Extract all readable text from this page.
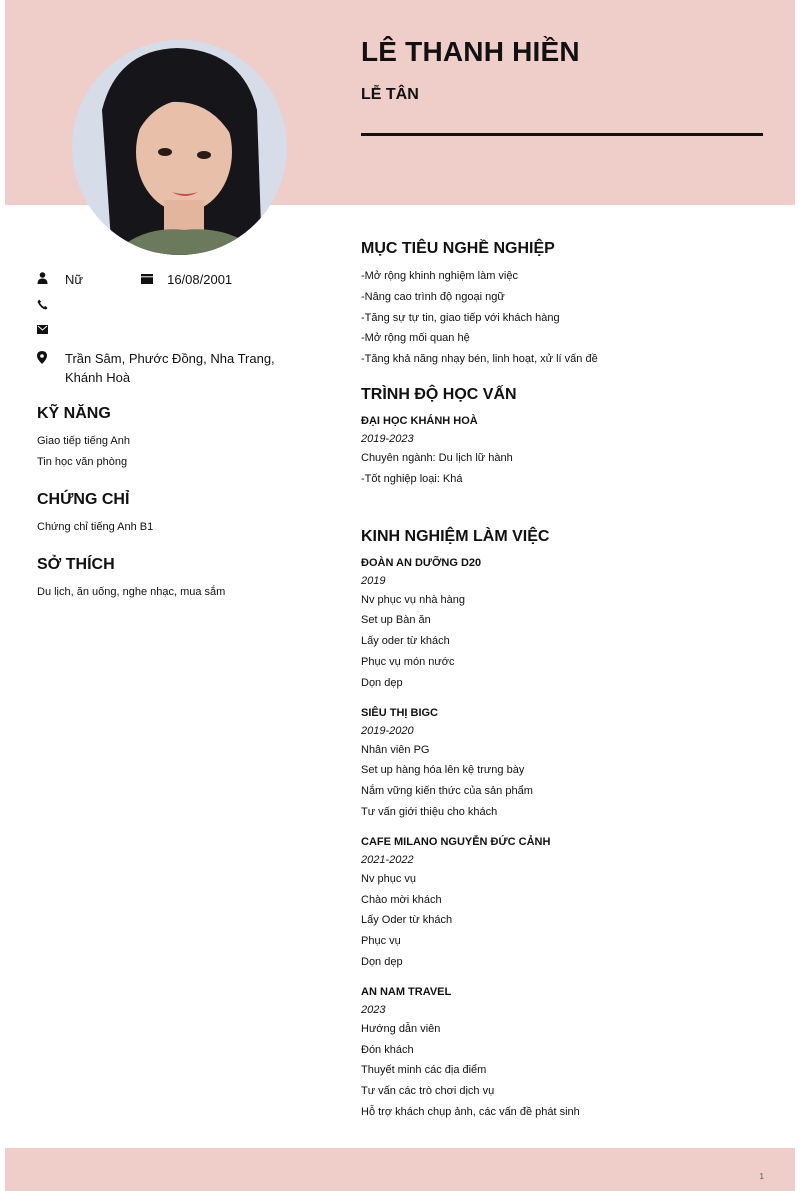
LÊ THANH HIỀN
LỄ TÂN
Nữ	16/08/2001
Trần Sâm, Phước Đồng, Nha Trang, Khánh Hoà
KỸ NĂNG
Giao tiếp tiếng Anh
Tin học văn phòng
CHỨNG CHỈ
Chứng chỉ tiếng Anh B1
SỞ THÍCH
Du lịch, ăn uống, nghe nhạc, mua sắm
MỤC TIÊU NGHỀ NGHIỆP
-Mở rộng khinh nghiệm làm việc
-Nâng cao trình độ ngoại ngữ
-Tăng sự tự tin, giao tiếp với khách hàng
-Mở rộng mối quan hệ
-Tăng khả năng nhạy bén, linh hoạt, xử lí vấn đề
TRÌNH ĐỘ HỌC VẤN
ĐẠI HỌC KHÁNH HOÀ
2019-2023
Chuyên ngành: Du lịch lữ hành
-Tốt nghiệp loại: Khá
KINH NGHIỆM LÀM VIỆC
ĐOÀN AN DƯỠNG D20
2019
Nv phục vụ nhà hàng
Set up Bàn ăn
Lấy oder từ khách
Phục vụ món nước
Dọn dẹp
SIÊU THỊ BIGC
2019-2020
Nhân viên PG
Set up hàng hóa lên kệ trưng bày
Nắm vững kiến thức của sản phẩm
Tư vấn giới thiệu cho khách
CAFE MILANO NGUYỄN ĐỨC CẢNH
2021-2022
Nv phục vụ
Chào mời khách
Lấy Oder từ khách
Phục vụ
Dọn dẹp
AN NAM TRAVEL
2023
Hướng dẫn viên
Đón khách
Thuyết minh các địa điểm
Tư vấn các trò chơi dịch vụ
Hỗ trợ khách chụp ảnh, các vấn đề phát sinh
1
